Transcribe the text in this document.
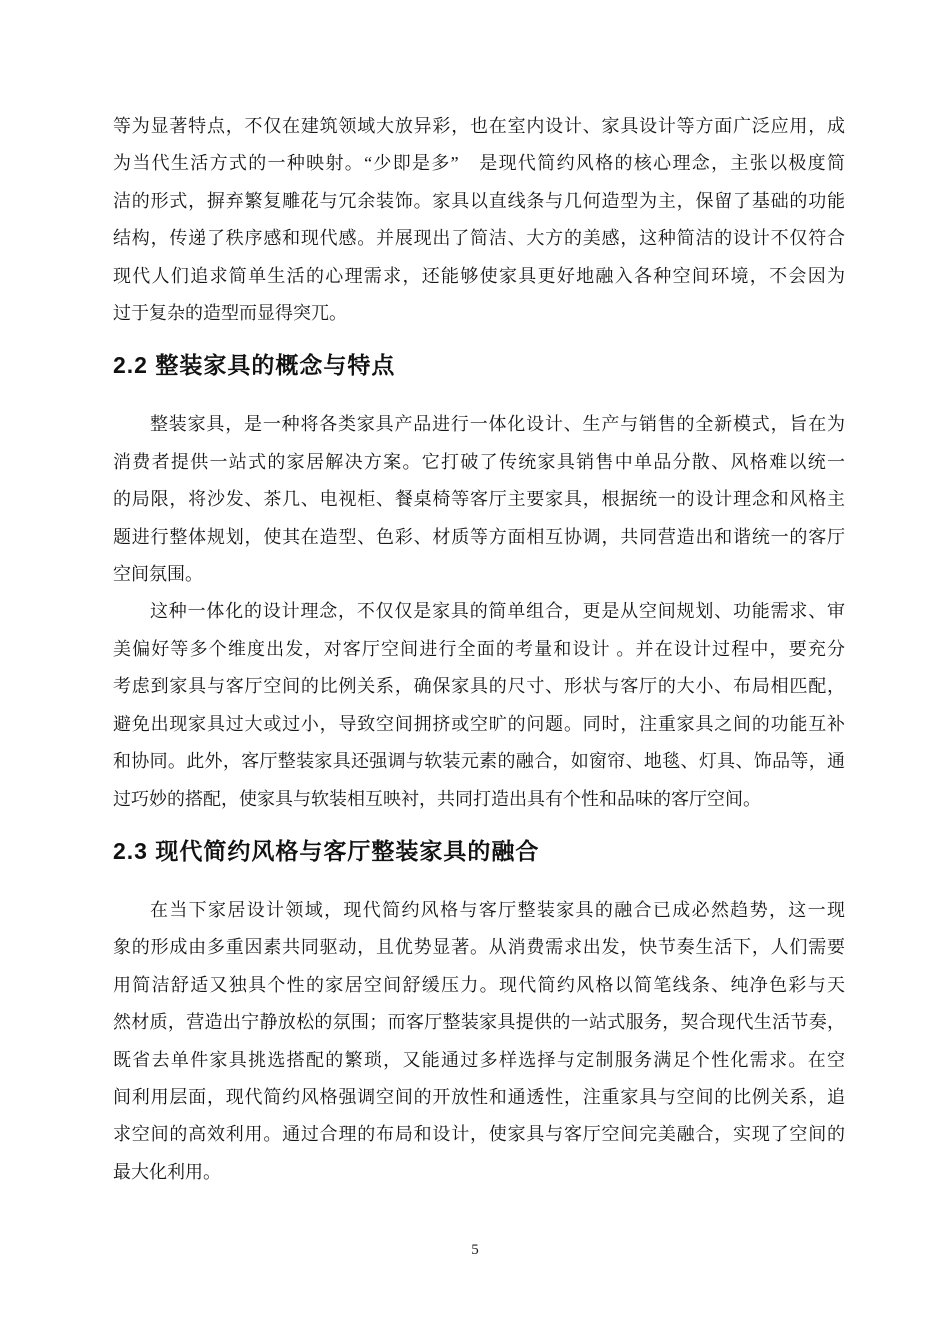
等为显著特点，不仅在建筑领域大放异彩，也在室内设计、家具设计等方面广泛应用，成
为当代生活方式的一种映射。“少即是多”　是现代简约风格的核心理念，主张以极度简
洁的形式，摒弃繁复雕花与冗余装饰。家具以直线条与几何造型为主，保留了基础的功能
结构，传递了秩序感和现代感。并展现出了简洁、大方的美感，这种简洁的设计不仅符合
现代人们追求简单生活的心理需求，还能够使家具更好地融入各种空间环境，不会因为
过于复杂的造型而显得突兀。
2.2 整装家具的概念与特点
整装家具，是一种将各类家具产品进行一体化设计、生产与销售的全新模式，旨在为
消费者提供一站式的家居解决方案。它打破了传统家具销售中单品分散、风格难以统一
的局限，将沙发、茶几、电视柜、餐桌椅等客厅主要家具，根据统一的设计理念和风格主
题进行整体规划，使其在造型、色彩、材质等方面相互协调，共同营造出和谐统一的客厅
空间氛围。
这种一体化的设计理念，不仅仅是家具的简单组合，更是从空间规划、功能需求、审
美偏好等多个维度出发，对客厅空间进行全面的考量和设计 。并在设计过程中，要充分
考虑到家具与客厅空间的比例关系，确保家具的尺寸、形状与客厅的大小、布局相匹配，
避免出现家具过大或过小，导致空间拥挤或空旷的问题。同时，注重家具之间的功能互补
和协同。此外，客厅整装家具还强调与软装元素的融合，如窗帘、地毯、灯具、饰品等，通
过巧妙的搭配，使家具与软装相互映衬，共同打造出具有个性和品味的客厅空间。
2.3 现代简约风格与客厅整装家具的融合
在当下家居设计领域，现代简约风格与客厅整装家具的融合已成必然趋势，这一现
象的形成由多重因素共同驱动，且优势显著。从消费需求出发，快节奏生活下，人们需要
用简洁舒适又独具个性的家居空间舒缓压力。现代简约风格以简笔线条、纯净色彩与天
然材质，营造出宁静放松的氛围；而客厅整装家具提供的一站式服务，契合现代生活节奏，
既省去单件家具挑选搭配的繁琐，又能通过多样选择与定制服务满足个性化需求。在空
间利用层面，现代简约风格强调空间的开放性和通透性，注重家具与空间的比例关系，追
求空间的高效利用。通过合理的布局和设计，使家具与客厅空间完美融合，实现了空间的
最大化利用。
5
